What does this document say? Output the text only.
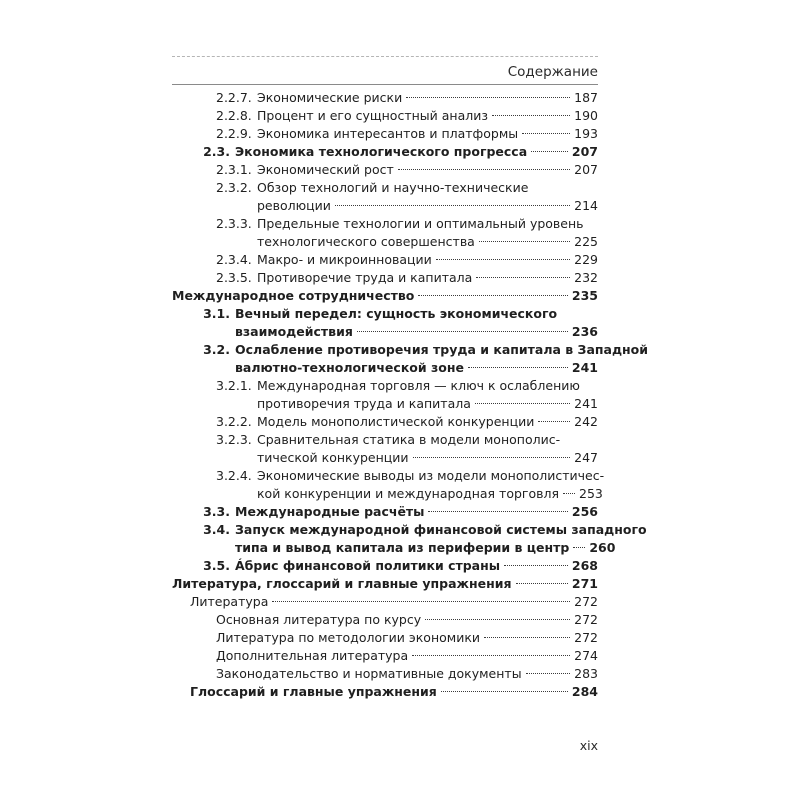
Содержание
2.2.7. Экономические риски	187
2.2.8. Процент и его сущностный анализ	190
2.2.9. Экономика интересантов и платформы	193
2.3. Экономика технологического прогресса	207
2.3.1. Экономический рост	207
2.3.2. Обзор технологий и научно-технические
революции	214
2.3.3. Предельные технологии и оптимальный уровень
технологического совершенства	225
2.3.4. Макро- и микроинновации	229
2.3.5. Противоречие труда и капитала	232
Международное сотрудничество	235
3.1. Вечный передел: сущность экономического
взаимодействия	236
3.2. Ослабление противоречия труда и капитала в Западной
валютно-технологической зоне	241
3.2.1. Международная торговля — ключ к ослаблению
противоречия труда и капитала	241
3.2.2. Модель монополистической конкуренции	242
3.2.3. Сравнительная статика в модели монополис-
тической конкуренции	247
3.2.4. Экономические выводы из модели монополистичес-
кой конкуренции и международная торговля 253
3.3. Международные расчёты	256
3.4. Запуск международной финансовой системы западного
типа и вывод капитала из периферии в центр 260
3.5. Áбрис финансовой политики страны	268
Литература, глоссарий и главные упражнения	271
Литература	272
Основная литература по курсу	272
Литература по методологии экономики	272
Дополнительная литература	274
Законодательство и нормативные документы	283
Глоссарий и главные упражнения	284
xix
